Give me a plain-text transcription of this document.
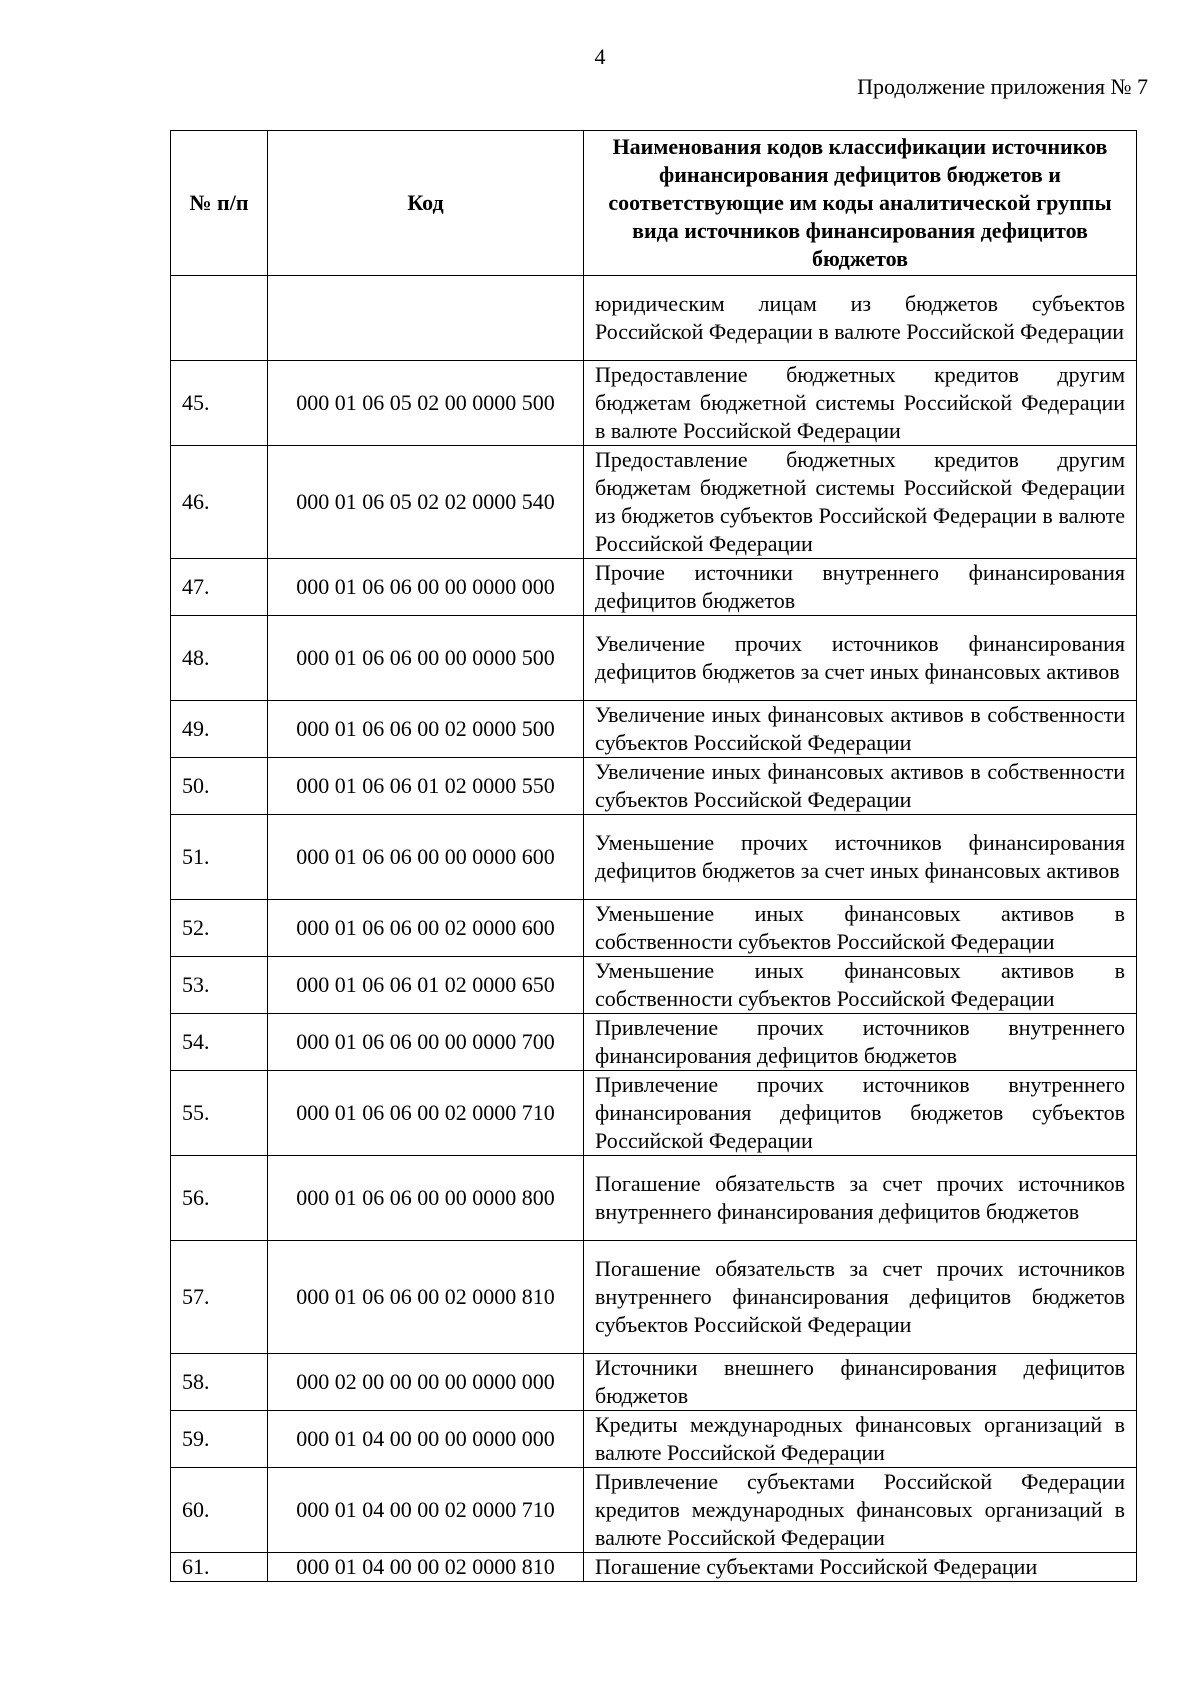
4
Продолжение приложения № 7
№ п/п	Код	Наименования кодов классификации источников финансирования дефицитов бюджетов и соответствующие им коды аналитической группы вида источников финансирования дефицитов бюджетов
		юридическим лицам из бюджетов субъектов Российской Федерации в валюте Российской Федерации
45.	000 01 06 05 02 00 0000 500	Предоставление бюджетных кредитов другим бюджетам бюджетной системы Российской Федерации в валюте Российской Федерации
46.	000 01 06 05 02 02 0000 540	Предоставление бюджетных кредитов другим бюджетам бюджетной системы Российской Федерации из бюджетов субъектов Российской Федерации в валюте Российской Федерации
47.	000 01 06 06 00 00 0000 000	Прочие источники внутреннего финансирования дефицитов бюджетов
48.	000 01 06 06 00 00 0000 500	Увеличение прочих источников финансирования дефицитов бюджетов за счет иных финансовых активов
49.	000 01 06 06 00 02 0000 500	Увеличение иных финансовых активов в собственности субъектов Российской Федерации
50.	000 01 06 06 01 02 0000 550	Увеличение иных финансовых активов в собственности субъектов Российской Федерации
51.	000 01 06 06 00 00 0000 600	Уменьшение прочих источников финансирования дефицитов бюджетов за счет иных финансовых активов
52.	000 01 06 06 00 02 0000 600	Уменьшение иных финансовых активов в собственности субъектов Российской Федерации
53.	000 01 06 06 01 02 0000 650	Уменьшение иных финансовых активов в собственности субъектов Российской Федерации
54.	000 01 06 06 00 00 0000 700	Привлечение прочих источников внутреннего финансирования дефицитов бюджетов
55.	000 01 06 06 00 02 0000 710	Привлечение прочих источников внутреннего финансирования дефицитов бюджетов субъектов Российской Федерации
56.	000 01 06 06 00 00 0000 800	Погашение обязательств за счет прочих источников внутреннего финансирования дефицитов бюджетов
57.	000 01 06 06 00 02 0000 810	Погашение обязательств за счет прочих источников внутреннего финансирования дефицитов бюджетов субъектов Российской Федерации
58.	000 02 00 00 00 00 0000 000	Источники внешнего финансирования дефицитов бюджетов
59.	000 01 04 00 00 00 0000 000	Кредиты международных финансовых организаций в валюте Российской Федерации
60.	000 01 04 00 00 02 0000 710	Привлечение субъектами Российской Федерации кредитов международных финансовых организаций в валюте Российской Федерации
61.	000 01 04 00 00 02 0000 810	Погашение субъектами Российской Федерации
